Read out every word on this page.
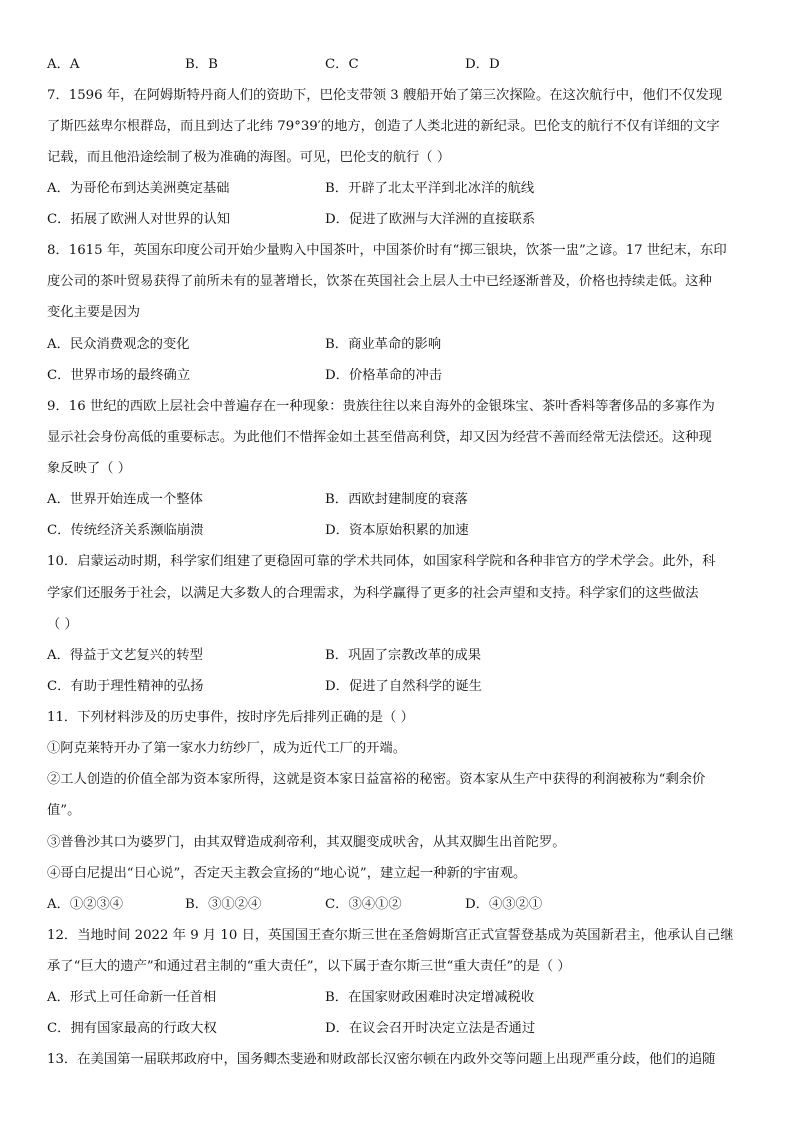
A．A	B．B	C．C	D．D
7．1596 年，在阿姆斯特丹商人们的资助下，巴伦支带领 3 艘船开始了第三次探险。在这次航行中，他们不仅发现
了斯匹兹卑尔根群岛，而且到达了北纬 79°39′的地方，创造了人类北进的新纪录。巴伦支的航行不仅有详细的文字
记载，而且他沿途绘制了极为准确的海图。可见，巴伦支的航行（ ）
A．为哥伦布到达美洲奠定基础	B．开辟了北太平洋到北冰洋的航线
C．拓展了欧洲人对世界的认知	D．促进了欧洲与大洋洲的直接联系
8．1615 年，英国东印度公司开始少量购入中国茶叶，中国茶价时有“掷三银块，饮茶一盅”之谚。17 世纪末，东印
度公司的茶叶贸易获得了前所未有的显著增长，饮茶在英国社会上层人士中已经逐渐普及，价格也持续走低。这种
变化主要是因为
A．民众消费观念的变化	B．商业革命的影响
C．世界市场的最终确立	D．价格革命的冲击
9．16 世纪的西欧上层社会中普遍存在一种现象：贵族往往以来自海外的金银珠宝、茶叶香料等奢侈品的多寡作为
显示社会身份高低的重要标志。为此他们不惜挥金如土甚至借高利贷，却又因为经营不善而经常无法偿还。这种现
象反映了（ ）
A．世界开始连成一个整体	B．西欧封建制度的衰落
C．传统经济关系濒临崩溃	D．资本原始积累的加速
10．启蒙运动时期，科学家们组建了更稳固可靠的学术共同体，如国家科学院和各种非官方的学术学会。此外，科
学家们还服务于社会，以满足大多数人的合理需求，为科学赢得了更多的社会声望和支持。科学家们的这些做法
（ ）
A．得益于文艺复兴的转型	B．巩固了宗教改革的成果
C．有助于理性精神的弘扬	D．促进了自然科学的诞生
11．下列材料涉及的历史事件，按时序先后排列正确的是（ ）
①阿克莱特开办了第一家水力纺纱厂，成为近代工厂的开端。
②工人创造的价值全部为资本家所得，这就是资本家日益富裕的秘密。资本家从生产中获得的利润被称为“剩余价
值”。
③普鲁沙其口为婆罗门，由其双臂造成刹帝利，其双腿变成吠舍，从其双脚生出首陀罗。
④哥白尼提出“日心说”，否定天主教会宣扬的“地心说”，建立起一种新的宇宙观。
A．①②③④	B．③①②④	C．③④①②	D．④③②①
12．当地时间 2022 年 9 月 10 日，英国国王查尔斯三世在圣詹姆斯宫正式宣誓登基成为英国新君主，他承认自己继
承了“巨大的遗产”和通过君主制的“重大责任”，以下属于查尔斯三世“重大责任”的是（ ）
A．形式上可任命新一任首相	B．在国家财政困难时决定增减税收
C．拥有国家最高的行政大权	D．在议会召开时决定立法是否通过
13．在美国第一届联邦政府中，国务卿杰斐逊和财政部长汉密尔顿在内政外交等问题上出现严重分歧，他们的追随
